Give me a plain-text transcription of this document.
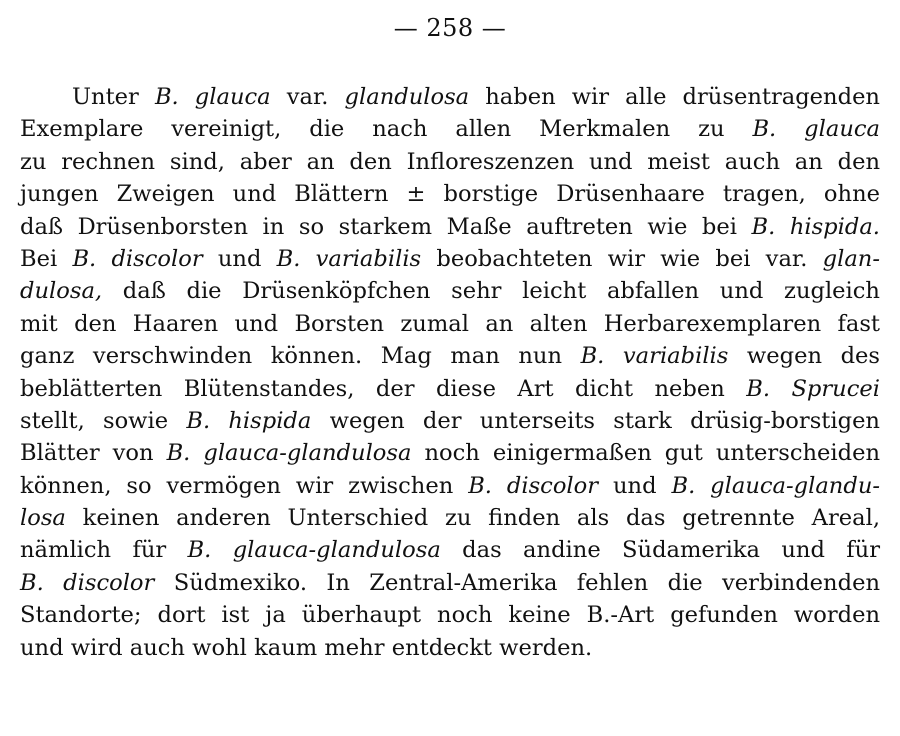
— 258 —
Unter B. glauca var. glandulosa haben wir alle drüsentragenden
Exemplare vereinigt, die nach allen Merkmalen zu B. glauca
zu rechnen sind, aber an den Infloreszenzen und meist auch an den
jungen Zweigen und Blättern ± borstige Drüsenhaare tragen, ohne
daß Drüsenborsten in so starkem Maße auftreten wie bei B. hispida.
Bei B. discolor und B. variabilis beobachteten wir wie bei var. glan-
dulosa, daß die Drüsenköpfchen sehr leicht abfallen und zugleich
mit den Haaren und Borsten zumal an alten Herbarexemplaren fast
ganz verschwinden können. Mag man nun B. variabilis wegen des
beblätterten Blütenstandes, der diese Art dicht neben B. Sprucei
stellt, sowie B. hispida wegen der unterseits stark drüsig-borstigen
Blätter von B. glauca-glandulosa noch einigermaßen gut unterscheiden
können, so vermögen wir zwischen B. discolor und B. glauca-glandu-
losa keinen anderen Unterschied zu finden als das getrennte Areal,
nämlich für B. glauca-glandulosa das andine Südamerika und für
B. discolor Südmexiko. In Zentral-Amerika fehlen die verbindenden
Standorte; dort ist ja überhaupt noch keine B.-Art gefunden worden
und wird auch wohl kaum mehr entdeckt werden.
